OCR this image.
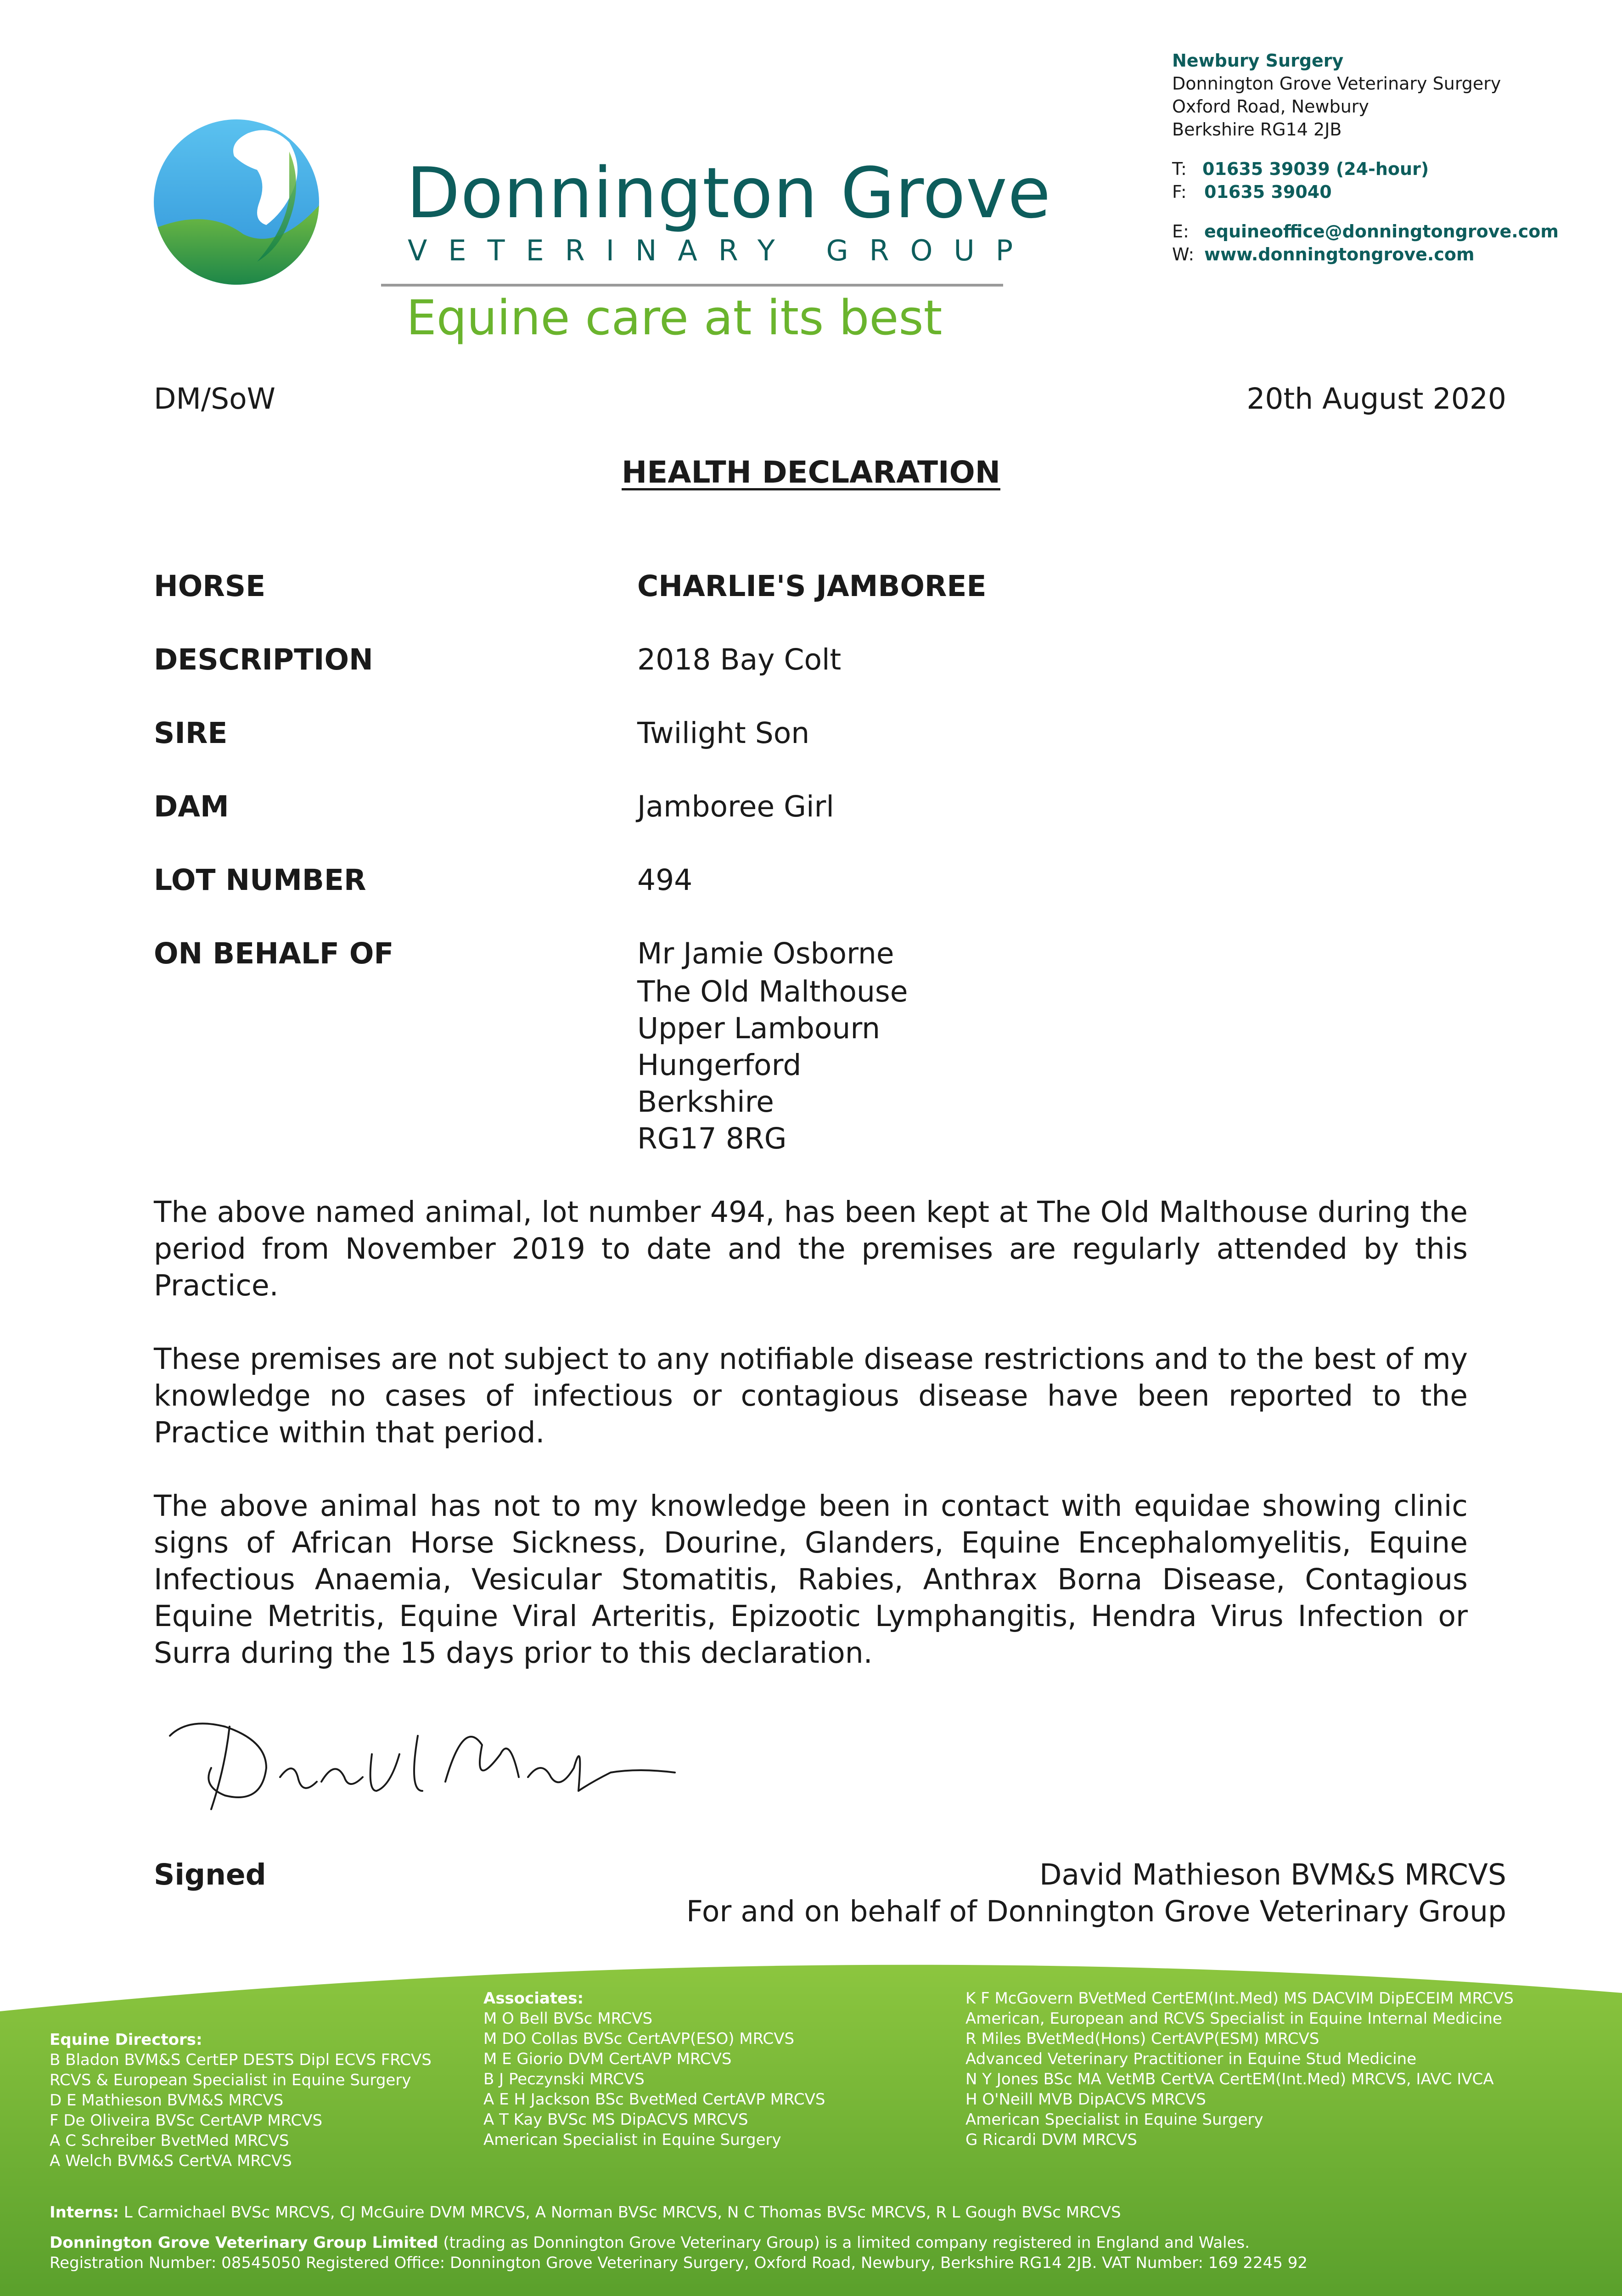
Donnington Grove
VETERINARY GROUP
Equine care at its best
Newbury Surgery
Donnington Grove Veterinary Surgery
Oxford Road, Newbury
Berkshire RG14 2JB
T: 01635 39039 (24-hour)
F: 01635 39040
E: equineoffice@donningtongrove.com
W: www.donningtongrove.com
DM/SoW	20th August 2020
HEALTH DECLARATION
HORSE	CHARLIE'S JAMBOREE
DESCRIPTION	2018 Bay Colt
SIRE	Twilight Son
DAM	Jamboree Girl
LOT NUMBER	494
ON BEHALF OF	Mr Jamie Osborne
The Old Malthouse
Upper Lambourn
Hungerford
Berkshire
RG17 8RG
The above named animal, lot number 494, has been kept at The Old Malthouse during the period from November 2019 to date and the premises are regularly attended by this Practice.
These premises are not subject to any notifiable disease restrictions and to the best of my knowledge no cases of infectious or contagious disease have been reported to the Practice within that period.
The above animal has not to my knowledge been in contact with equidae showing clinic signs of African Horse Sickness, Dourine, Glanders, Equine Encephalomyelitis, Equine Infectious Anaemia, Vesicular Stomatitis, Rabies, Anthrax Borna Disease, Contagious Equine Metritis, Equine Viral Arteritis, Epizootic Lymphangitis, Hendra Virus Infection or Surra during the 15 days prior to this declaration.
Signed	David Mathieson BVM&S MRCVS
For and on behalf of Donnington Grove Veterinary Group
Equine Directors:
B Bladon BVM&S CertEP DESTS Dipl ECVS FRCVS
RCVS & European Specialist in Equine Surgery
D E Mathieson BVM&S MRCVS
F De Oliveira BVSc CertAVP MRCVS
A C Schreiber BvetMed MRCVS
A Welch BVM&S CertVA MRCVS
Associates:
M O Bell BVSc MRCVS
M DO Collas BVSc CertAVP(ESO) MRCVS
M E Giorio DVM CertAVP MRCVS
B J Peczynski MRCVS
A E H Jackson BSc BvetMed CertAVP MRCVS
A T Kay BVSc MS DipACVS MRCVS
American Specialist in Equine Surgery
K F McGovern BVetMed CertEM(Int.Med) MS DACVIM DipECEIM MRCVS
American, European and RCVS Specialist in Equine Internal Medicine
R Miles BVetMed(Hons) CertAVP(ESM) MRCVS
Advanced Veterinary Practitioner in Equine Stud Medicine
N Y Jones BSc MA VetMB CertVA CertEM(Int.Med) MRCVS, IAVC IVCA
H O'Neill MVB DipACVS MRCVS
American Specialist in Equine Surgery
G Ricardi DVM MRCVS
Interns: L Carmichael BVSc MRCVS, CJ McGuire DVM MRCVS, A Norman BVSc MRCVS, N C Thomas BVSc MRCVS, R L Gough BVSc MRCVS
Donnington Grove Veterinary Group Limited (trading as Donnington Grove Veterinary Group) is a limited company registered in England and Wales.
Registration Number: 08545050 Registered Office: Donnington Grove Veterinary Surgery, Oxford Road, Newbury, Berkshire RG14 2JB. VAT Number: 169 2245 92
